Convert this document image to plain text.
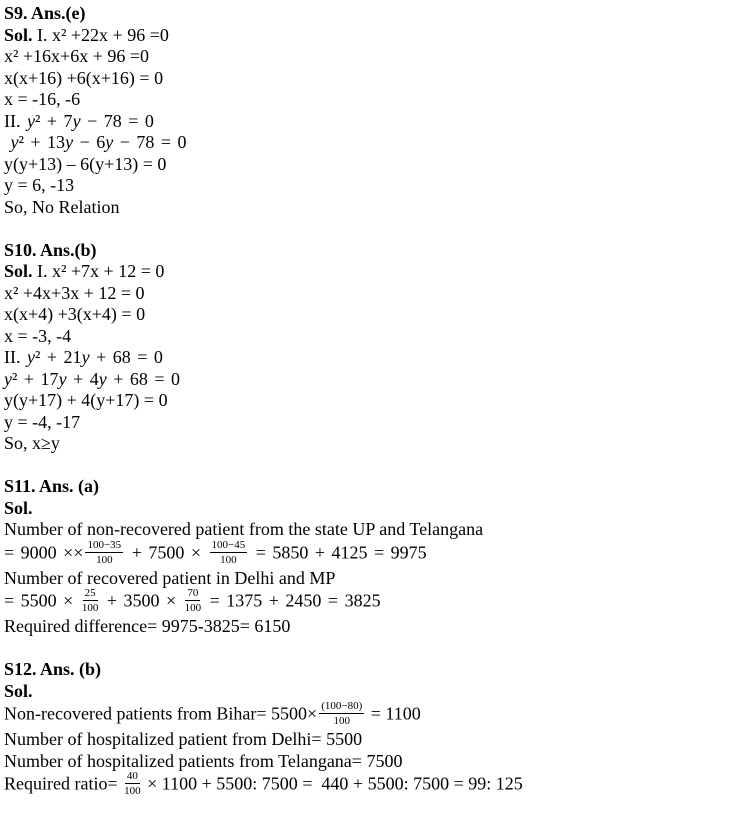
S9. Ans.(e)
Sol. I. x² +22x + 96 =0
x² +16x+6x + 96 =0
x(x+16) +6(x+16) = 0
x = -16, -6
II. y² + 7y − 78 = 0
y² + 13y − 6y − 78 = 0
y(y+13) – 6(y+13) = 0
y = 6, -13
So, No Relation
S10. Ans.(b)
Sol. I. x² +7x + 12 = 0
x² +4x+3x + 12 = 0
x(x+4) +3(x+4) = 0
x = -3, -4
II. y² + 21y + 68 = 0
y² + 17y + 4y + 68 = 0
y(y+17) + 4(y+17) = 0
y = -4, -17
So, x≥y
S11. Ans. (a)
Sol.
Number of non-recovered patient from the state UP and Telangana
= $9000 \times\times \frac{100-35}{100} + 7500 \times \frac{100-45}{100} = 5850 + 4125 = 9975$
Number of recovered patient in Delhi and MP
= $5500 \times \frac{25}{100} + 3500 \times \frac{70}{100} = 1375 + 2450 = 3825$
Required difference= 9975-3825= 6150
S12. Ans. (b)
Sol.
Non-recovered patients from Bihar= $5500\times \frac{(100-80)}{100} = 1100$
Number of hospitalized patient from Delhi= 5500
Number of hospitalized patients from Telangana= 7500
Required ratio= $\frac{40}{100} \times 1100 + 5500$: 7500 =  440 + 5500: 7500 = 99: 125
